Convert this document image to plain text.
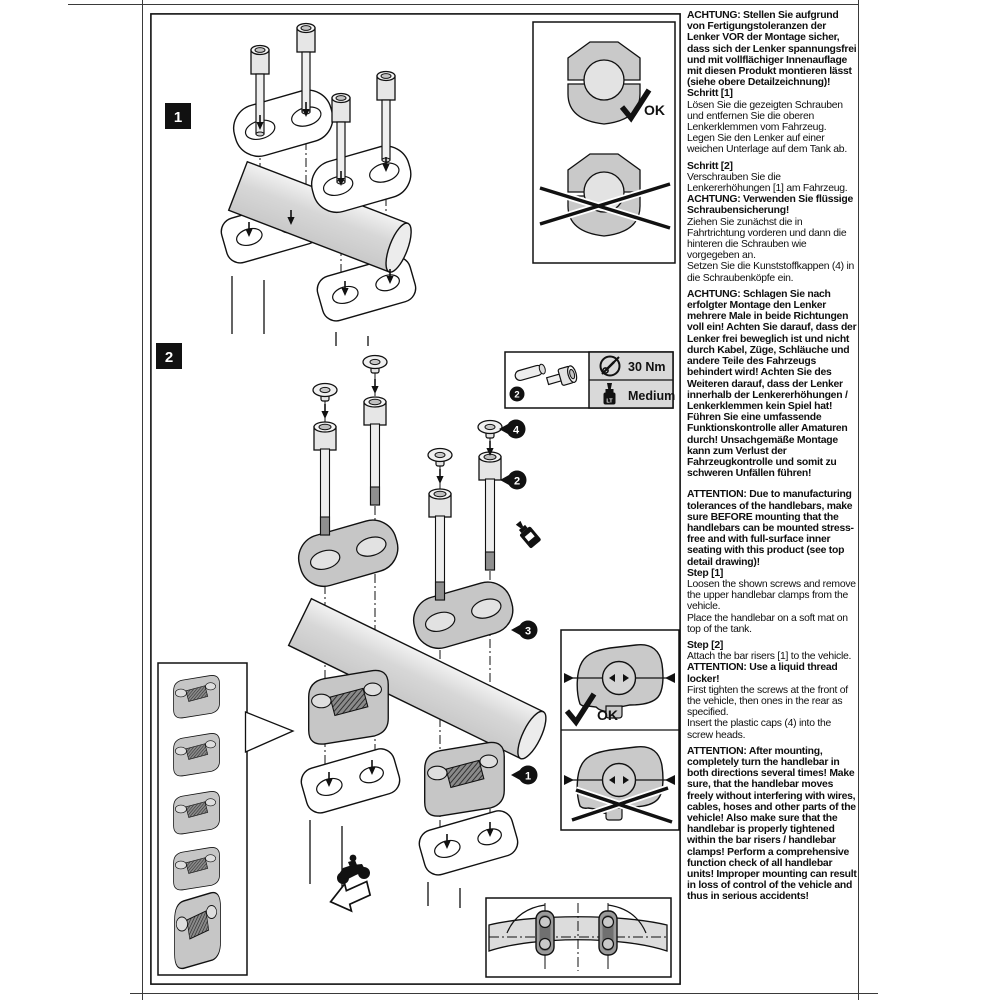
1
4
2
3
1
2
2
30 Nm
LT Medium
OK
OK

ACHTUNG: Stellen Sie aufgrund von Fertigungstoleranzen der Lenker VOR der Montage sicher, dass sich der Lenker spannungsfrei und mit vollflächiger Innenauflage mit diesen Produkt montieren lässt (siehe obere Detailzeichnung)!

Schritt [1]

Lösen Sie die gezeigten Schrauben und entfernen Sie die oberen Lenkerklemmen vom Fahrzeug.

Legen Sie den Lenker auf einer weichen Unterlage auf dem Tank ab.

Schritt [2]

Verschrauben Sie die Lenkererhöhungen [1] am Fahrzeug.

ACHTUNG: Verwenden Sie flüssige Schraubensicherung!

Ziehen Sie zunächst die in Fahrtrichtung vorderen und dann die hinteren die Schrauben wie vorgegeben an.

Setzen Sie die Kunststoffkappen (4) in die Schraubenköpfe ein.

ACHTUNG: Schlagen Sie nach erfolgter Montage den Lenker mehrere Male in beide Richtungen voll ein! Achten Sie darauf, dass der Lenker frei beweglich ist und nicht durch Kabel, Züge, Schläuche und andere Teile des Fahrzeugs behindert wird! Achten Sie des Weiteren darauf, dass der Lenker innerhalb der Lenkererhöhungen / Lenkerklemmen kein Spiel hat! Führen Sie eine umfassende Funktionskontrolle aller Amaturen durch! Unsachgemäße Montage kann zum Verlust der Fahrzeugkontrolle und somit zu schweren Unfällen führen!

ATTENTION: Due to manufacturing tolerances of the handlebars, make sure BEFORE mounting that the handlebars can be mounted stress-free and with full-surface inner seating with this product (see top detail drawing)!

Step [1]

Loosen the shown screws and remove the upper handlebar clamps from the vehicle.

Place the handlebar on a soft mat on top of the tank.

Step [2]

Attach the bar risers [1] to the vehicle.

ATTENTION: Use a liquid thread locker!

First tighten the screws at the front of the vehicle, then ones in the rear as specified.

Insert the plastic caps (4) into the screw heads.

ATTENTION: After mounting, completely turn the handlebar in both directions several times! Make sure, that the handlebar moves freely without interfering with wires, cables, hoses and other parts of the vehicle! Also make sure that the handlebar is properly tightened within the bar risers / handlebar clamps! Perform a comprehensive function check of all handlebar units! Improper mounting can result in loss of control of the vehicle and thus in serious accidents!
